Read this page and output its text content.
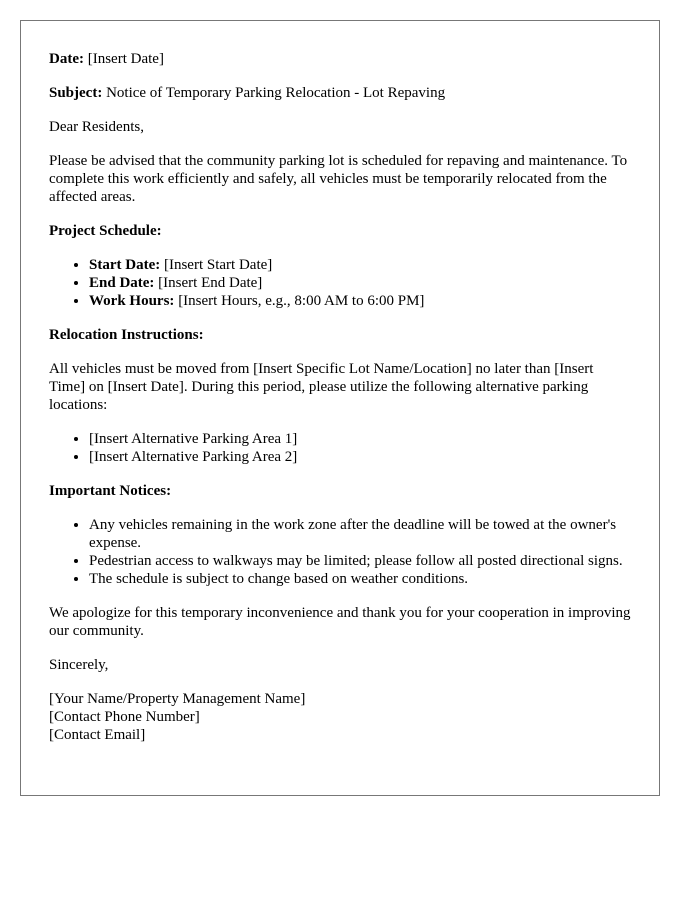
Date: [Insert Date]

Subject: Notice of Temporary Parking Relocation - Lot Repaving

Dear Residents,

Please be advised that the community parking lot is scheduled for repaving and maintenance. To complete this work efficiently and safely, all vehicles must be temporarily relocated from the affected areas.

Project Schedule:

• Start Date: [Insert Start Date]
• End Date: [Insert End Date]
• Work Hours: [Insert Hours, e.g., 8:00 AM to 6:00 PM]

Relocation Instructions:

All vehicles must be moved from [Insert Specific Lot Name/Location] no later than [Insert Time] on [Insert Date]. During this period, please utilize the following alternative parking locations:

• [Insert Alternative Parking Area 1]
• [Insert Alternative Parking Area 2]

Important Notices:

• Any vehicles remaining in the work zone after the deadline will be towed at the owner's expense.
• Pedestrian access to walkways may be limited; please follow all posted directional signs.
• The schedule is subject to change based on weather conditions.

We apologize for this temporary inconvenience and thank you for your cooperation in improving our community.

Sincerely,

[Your Name/Property Management Name]
[Contact Phone Number]
[Contact Email]
